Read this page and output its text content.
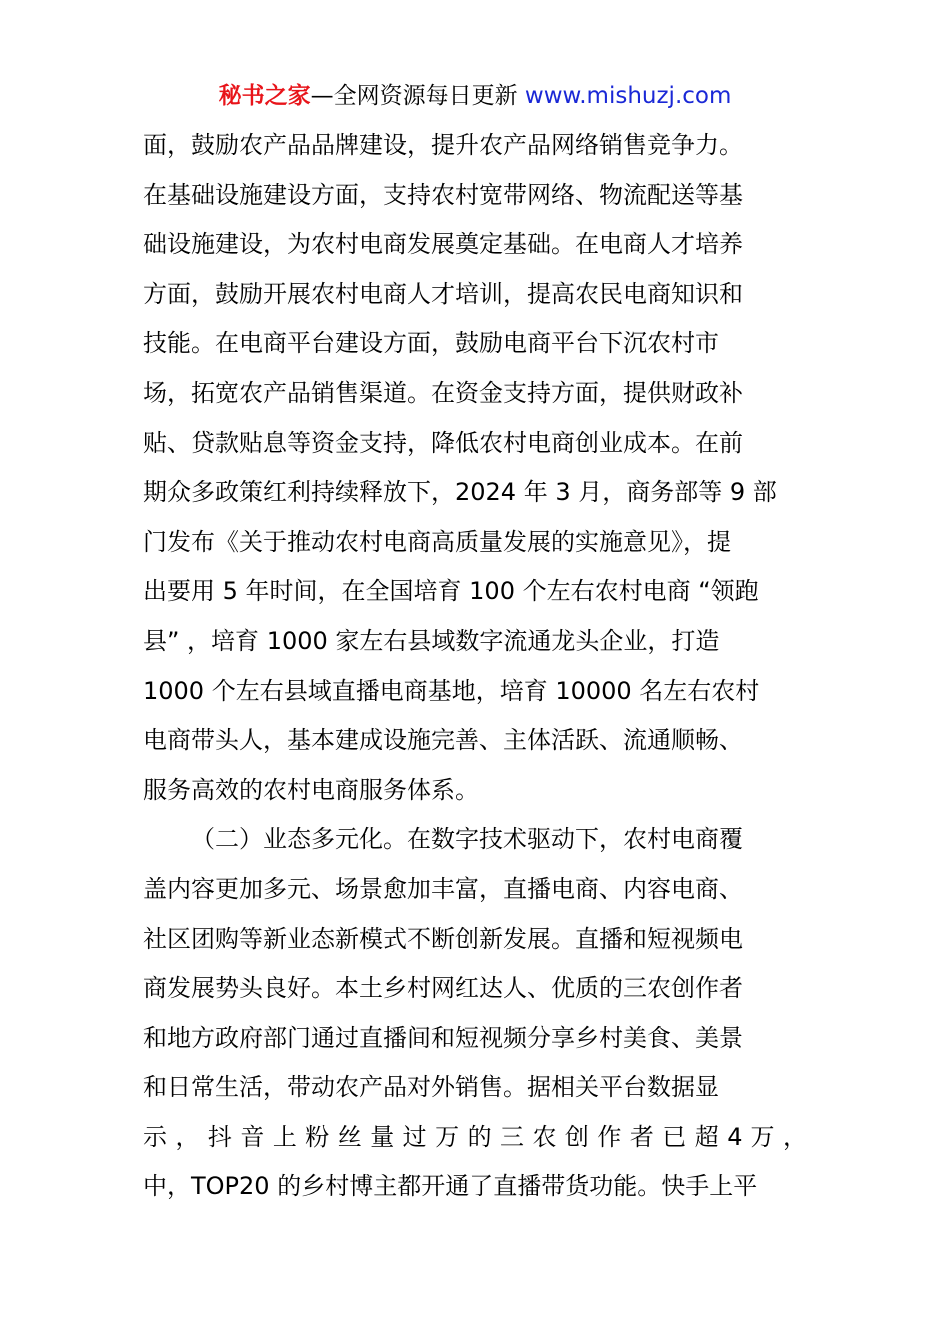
秘书之家—全网资源每日更新 www.mishuzj.com
面，鼓励农产品品牌建设，提升农产品网络销售竞争力。
在基础设施建设方面，支持农村宽带网络、物流配送等基
础设施建设，为农村电商发展奠定基础。在电商人才培养
方面，鼓励开展农村电商人才培训，提高农民电商知识和
技能。在电商平台建设方面，鼓励电商平台下沉农村市
场，拓宽农产品销售渠道。在资金支持方面，提供财政补
贴、贷款贴息等资金支持，降低农村电商创业成本。在前
期众多政策红利持续释放下，2024 年 3 月，商务部等 9 部
门发布《关于推动农村电商高质量发展的实施意见》，提
出要用 5 年时间，在全国培育 100 个左右农村电商 “领跑
县” ，培育 1000 家左右县域数字流通龙头企业，打造
1000 个左右县域直播电商基地，培育 10000 名左右农村
电商带头人，基本建成设施完善、主体活跃、流通顺畅、
服务高效的农村电商服务体系。
（二）业态多元化。在数字技术驱动下，农村电商覆
盖内容更加多元、场景愈加丰富，直播电商、内容电商、
社区团购等新业态新模式不断创新发展。直播和短视频电
商发展势头良好。本土乡村网红达人、优质的三农创作者
和地方政府部门通过直播间和短视频分享乡村美食、美景
和日常生活，带动农产品对外销售。据相关平台数据显
示 ， 抖 音 上 粉 丝 量 过 万 的 三 农 创 作 者 已 超 4 万 ，
中，TOP20 的乡村博主都开通了直播带货功能。快手上平
